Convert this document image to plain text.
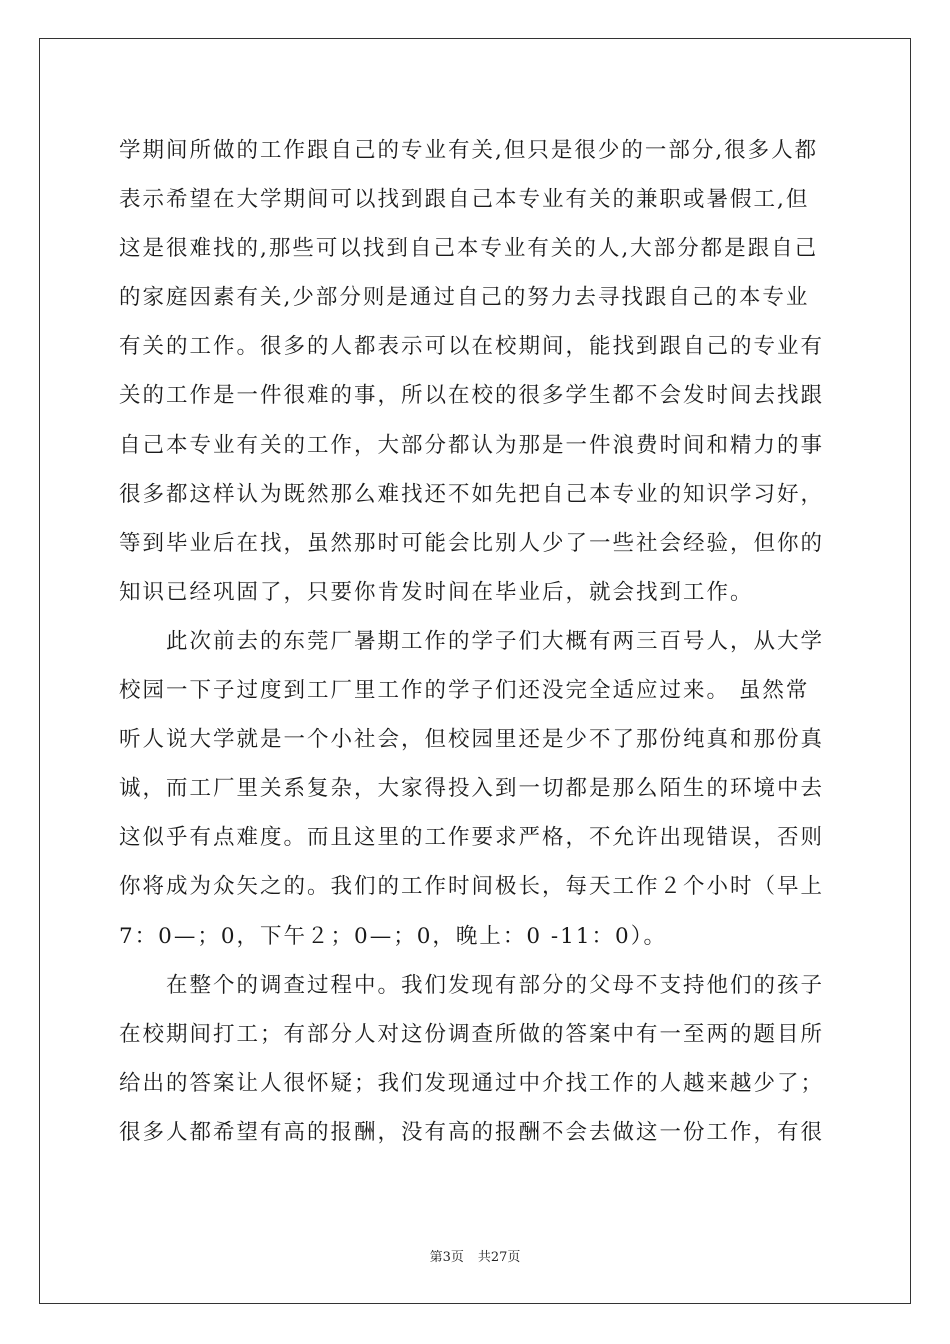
学期间所做的工作跟自己的专业有关,但只是很少的一部分,很多人都
表示希望在大学期间可以找到跟自己本专业有关的兼职或暑假工,但
这是很难找的,那些可以找到自己本专业有关的人,大部分都是跟自己
的家庭因素有关,少部分则是通过自己的努力去寻找跟自己的本专业
有关的工作。很多的人都表示可以在校期间，能找到跟自己的专业有
关的工作是一件很难的事，所以在校的很多学生都不会发时间去找跟
自己本专业有关的工作，大部分都认为那是一件浪费时间和精力的事
很多都这样认为既然那么难找还不如先把自己本专业的知识学习好，
等到毕业后在找，虽然那时可能会比别人少了一些社会经验，但你的
知识已经巩固了，只要你肯发时间在毕业后，就会找到工作。
　　此次前去的东莞厂暑期工作的学子们大概有两三百号人，从大学
校园一下子过度到工厂里工作的学子们还没完全适应过来。 虽然常
听人说大学就是一个小社会，但校园里还是少不了那份纯真和那份真
诚，而工厂里关系复杂，大家得投入到一切都是那么陌生的环境中去
这似乎有点难度。而且这里的工作要求严格，不允许出现错误，否则
你将成为众矢之的。我们的工作时间极长，每天工作２个小时（早上
7：0—；0，下午２；0—；0，晚上：0 -11：0）。
　　在整个的调查过程中。我们发现有部分的父母不支持他们的孩子
在校期间打工；有部分人对这份调查所做的答案中有一至两的题目所
给出的答案让人很怀疑；我们发现通过中介找工作的人越来越少了；
很多人都希望有高的报酬，没有高的报酬不会去做这一份工作，有很
第3页 共27页
